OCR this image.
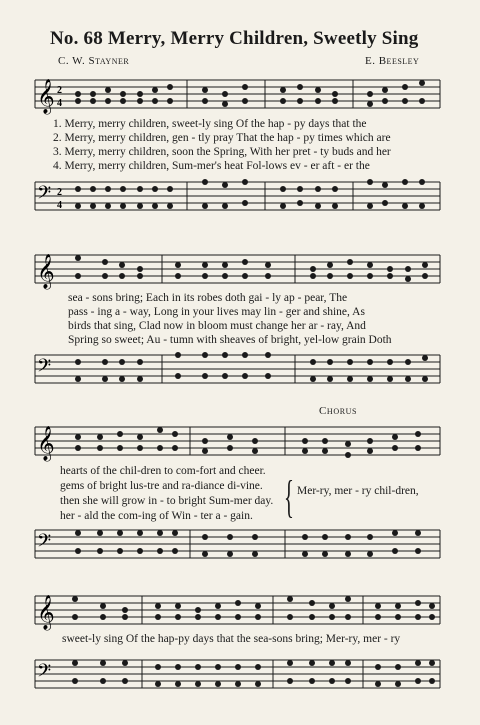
No. 68 Merry, Merry Children, Sweetly Sing
C. W. Stayner	E. Beesley
𝄞 2
4
1. Merry, merry children, sweet-ly sing Of the hap - py days that the
2. Merry, merry children, gen - tly pray That the hap - py times which are
3. Merry, merry children, soon the Spring, With her pret - ty buds and her
4. Merry, merry children, Sum-mer's heat Fol-lows ev - er aft - er the
𝄢 2
4
𝄞
sea - sons bring; Each in its robes doth gai - ly ap - pear, The
pass - ing a - way, Long in your lives may lin - ger and shine, As
birds that sing, Clad now in bloom must change her ar - ray, And
Spring so sweet; Au - tumn with sheaves of bright, yel-low grain Doth
𝄢
Chorus
𝄞
hearts of the chil-dren to com-fort and cheer.
gems of bright lus-tre and ra-diance di-vine.
then she will grow in - to bright Sum-mer day.
her - ald the com-ing of Win - ter a - gain. { Mer-ry, mer - ry chil-dren,
𝄢
𝄞
sweet-ly sing Of the hap-py days that the sea-sons bring; Mer-ry, mer - ry
𝄢
